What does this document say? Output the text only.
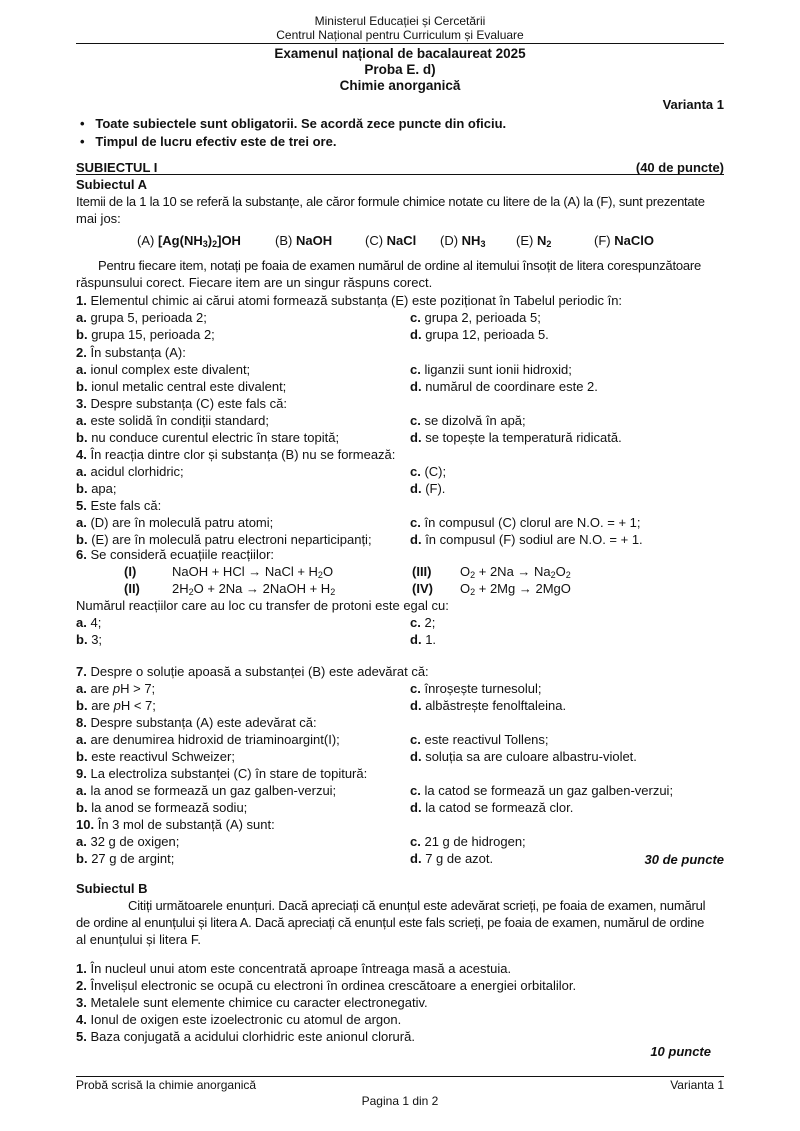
Ministerul Educației și Cercetării
Centrul Național pentru Curriculum și Evaluare
Examenul național de bacalaureat 2025
Proba E. d)
Chimie anorganică
Varianta 1
•   Toate subiectele sunt obligatorii. Se acordă zece puncte din oficiu.
•   Timpul de lucru efectiv este de trei ore.
SUBIECTUL I	(40 de puncte)
Subiectul A
Itemii de la 1 la 10 se referă la substanțe, ale căror formule chimice notate cu litere de la (A) la (F), sunt prezentate
mai jos:
(A) $[Ag(NH_3)_2]OH$	(B) NaOH	(C) NaCl (D) $NH_3$ (E) $N_2$	(F) NaClO
Pentru fiecare item, notați pe foaia de examen numărul de ordine al itemului însoțit de litera corespunzătoare
răspunsului corect. Fiecare item are un singur răspuns corect.
1. Elementul chimic ai cărui atomi formează substanța (E) este poziționat în Tabelul periodic în:
a. grupa 5, perioada 2;	c. grupa 2, perioada 5;
b. grupa 15, perioada 2;	d. grupa 12, perioada 5.
2. În substanța (A):
a. ionul complex este divalent;	c. liganzii sunt ionii hidroxid;
b. ionul metalic central este divalent;	d. numărul de coordinare este 2.
3. Despre substanța (C) este fals că:
a. este solidă în condiții standard;	c. se dizolvă în apă;
b. nu conduce curentul electric în stare topită;	d. se topește la temperatură ridicată.
4. În reacția dintre clor și substanța (B) nu se formează:
a. acidul clorhidric;	c. (C);
b. apa;	d. (F).
5. Este fals că:
a. (D) are în moleculă patru atomi;	c. în compusul (C) clorul are N.O. = + 1;
b. (E) are în moleculă patru electroni neparticipanți;	d. în compusul (F) sodiul are N.O. = + 1.
6. Se consideră ecuațiile reacțiilor:
Numărul reacțiilor care au loc cu transfer de protoni este egal cu:
a. 4;	c. 2;
b. 3;	d. 1.
7. Despre o soluție apoasă a substanței (B) este adevărat că:
a. are pH > 7;	c. înroșește turnesolul;
b. are pH < 7;	d. albăstrește fenolftaleina.
8. Despre substanța (A) este adevărat că:
a. are denumirea hidroxid de triaminoargint(I);	c. este reactivul Tollens;
b. este reactivul Schweizer;	d. soluția sa are culoare albastru-violet.
9. La electroliza substanței (C) în stare de topitură:
a. la anod se formează un gaz galben-verzui;	c. la catod se formează un gaz galben-verzui;
b. la anod se formează sodiu;	d. la catod se formează clor.
10. În 3 mol de substanță (A) sunt:
a. 32 g de oxigen;	c. 21 g de hidrogen;
b. 27 g de argint;	d. 7 g de azot.
(I)	NaOH + HCl → NaCl + $H_2O$	(III) $O_2 + 2Na \to Na_2O_2$
(II) $2H_2O + 2Na$ → 2NaOH + $H_2$	(IV) $O_2 + 2Mg \to 2MgO$
30 de puncte
Subiectul B
Citiți următoarele enunțuri. Dacă apreciați că enunțul este adevărat scrieți, pe foaia de examen, numărul
de ordine al enunțului și litera A. Dacă apreciați că enunțul este fals scrieți, pe foaia de examen, numărul de ordine
al enunțului și litera F.
1. În nucleul unui atom este concentrată aproape întreaga masă a acestuia.
2. Învelișul electronic se ocupă cu electroni în ordinea crescătoare a energiei orbitalilor.
3. Metalele sunt elemente chimice cu caracter electronegativ.
4. Ionul de oxigen este izoelectronic cu atomul de argon.
5. Baza conjugată a acidului clorhidric este anionul clorură.
10 puncte
Probă scrisă la chimie anorganică	Varianta 1
Pagina 1 din 2
